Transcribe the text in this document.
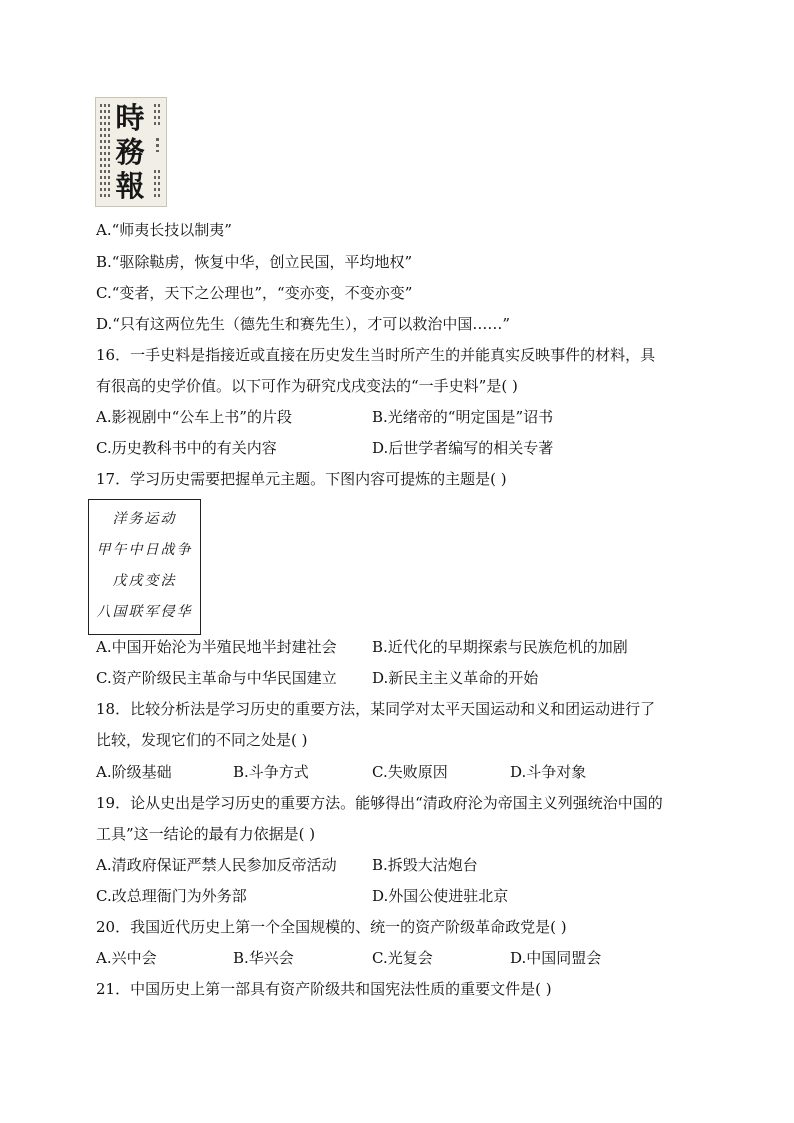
時
務
報
A.“师夷长技以制夷”
B.“驱除鞑虏，恢复中华，创立民国，平均地权”
C.“变者，天下之公理也”，“变亦变，不变亦变”
D.“只有这两位先生（德先生和赛先生），才可以救治中国……”
16．一手史料是指接近或直接在历史发生当时所产生的并能真实反映事件的材料，具
有很高的史学价值。以下可作为研究戊戌变法的“一手史料”是( )
A.影视剧中“公车上书”的片段	B.光绪帝的“明定国是”诏书
C.历史教科书中的有关内容	D.后世学者编写的相关专著
17．学习历史需要把握单元主题。下图内容可提炼的主题是( )
洋务运动
甲午中日战争
戊戌变法
八国联军侵华
A.中国开始沦为半殖民地半封建社会 B.近代化的早期探索与民族危机的加剧
C.资产阶级民主革命与中华民国建立 D.新民主主义革命的开始
18．比较分析法是学习历史的重要方法，某同学对太平天国运动和义和团运动进行了
比较，发现它们的不同之处是( )
A.阶级基础	B.斗争方式	C.失败原因	D.斗争对象
19．论从史出是学习历史的重要方法。能够得出“清政府沦为帝国主义列强统治中国的
工具”这一结论的最有力依据是( )
A.清政府保证严禁人民参加反帝活动 B.拆毁大沽炮台
C.改总理衙门为外务部	D.外国公使进驻北京
20．我国近代历史上第一个全国规模的、统一的资产阶级革命政党是( )
A.兴中会	B.华兴会	C.光复会	D.中国同盟会
21．中国历史上第一部具有资产阶级共和国宪法性质的重要文件是( )
